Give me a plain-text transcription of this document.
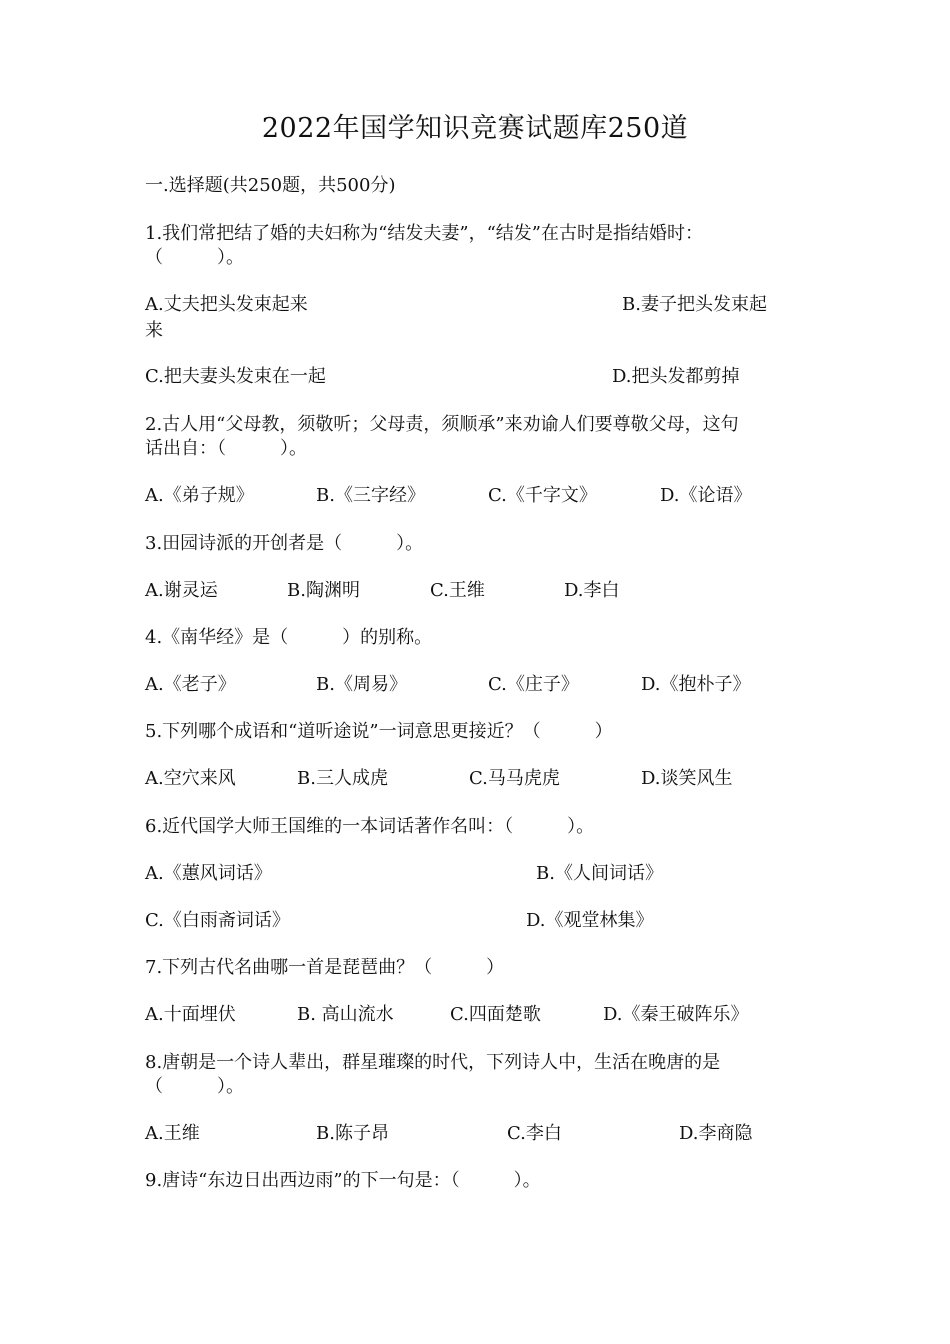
2022年国学知识竞赛试题库250道
一.选择题(共250题，共500分)
1.我们常把结了婚的夫妇称为“结发夫妻”，“结发”在古时是指结婚时：
（　　　）。
A.丈夫把头发束起来	B.妻子把头发束起
来
C.把夫妻头发束在一起	D.把头发都剪掉
2.古人用“父母教，须敬听；父母责，须顺承”来劝谕人们要尊敬父母，这句
话出自：（　　　）。
A.《弟子规》	B.《三字经》	C.《千字文》	D.《论语》
3.田园诗派的开创者是（　　　）。
A.谢灵运	B.陶渊明	C.王维	D.李白
4.《南华经》是（　　　）的别称。
A.《老子》	B.《周易》	C.《庄子》	D.《抱朴子》
5.下列哪个成语和“道听途说”一词意思更接近？（　　　）
A.空穴来风	B.三人成虎	C.马马虎虎	D.谈笑风生
6.近代国学大师王国维的一本词话著作名叫：（　　　）。
A.《蕙风词话》	B.《人间词话》
C.《白雨斋词话》	D.《观堂林集》
7.下列古代名曲哪一首是琵琶曲？（　　　）
A.十面埋伏	B. 高山流水	C.四面楚歌	D.《秦王破阵乐》
8.唐朝是一个诗人辈出，群星璀璨的时代，下列诗人中，生活在晚唐的是
（　　　）。
A.王维	B.陈子昂	C.李白	D.李商隐
9.唐诗“东边日出西边雨”的下一句是：（　　　）。
